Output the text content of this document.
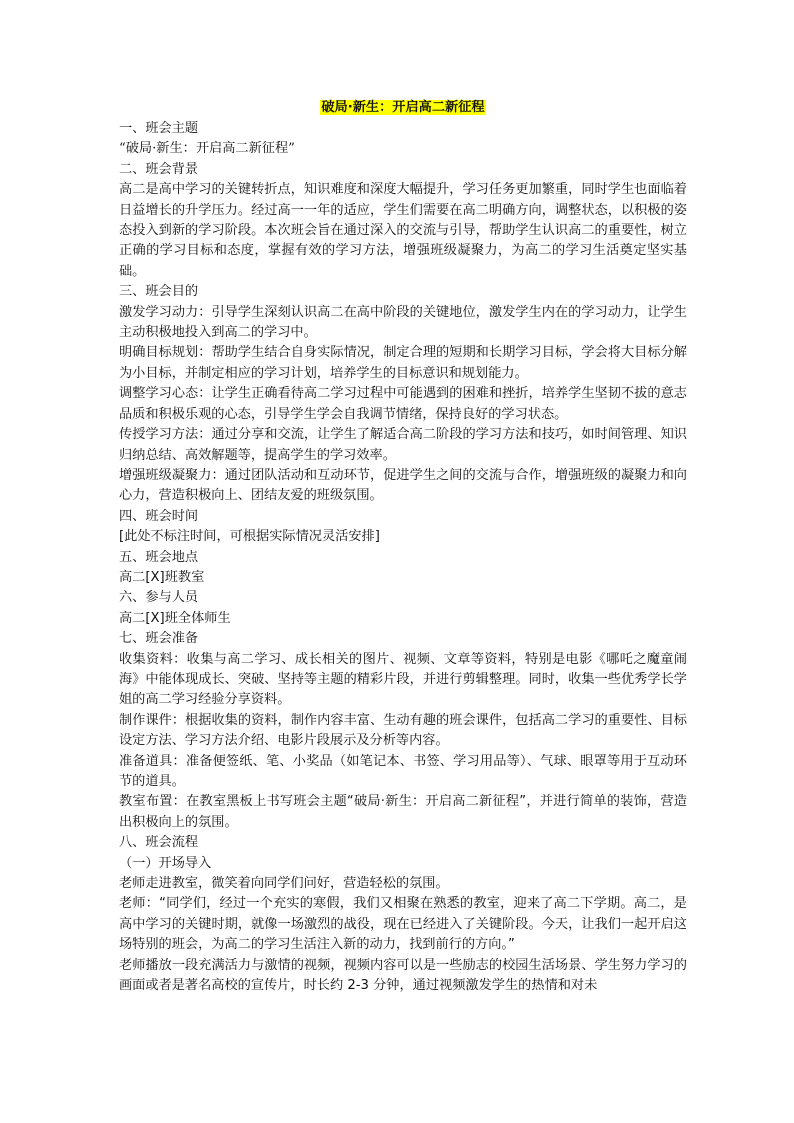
破局·新生：开启高二新征程
一、班会主题
“破局·新生：开启高二新征程”
二、班会背景
高二是高中学习的关键转折点，知识难度和深度大幅提升，学习任务更加繁重，同时学生也面临着日益增长的升学压力。经过高一一年的适应，学生们需要在高二明确方向，调整状态，以积极的姿态投入到新的学习阶段。本次班会旨在通过深入的交流与引导，帮助学生认识高二的重要性，树立正确的学习目标和态度，掌握有效的学习方法，增强班级凝聚力，为高二的学习生活奠定坚实基础。
三、班会目的
激发学习动力：引导学生深刻认识高二在高中阶段的关键地位，激发学生内在的学习动力，让学生主动积极地投入到高二的学习中。
明确目标规划：帮助学生结合自身实际情况，制定合理的短期和长期学习目标，学会将大目标分解为小目标，并制定相应的学习计划，培养学生的目标意识和规划能力。
调整学习心态：让学生正确看待高二学习过程中可能遇到的困难和挫折，培养学生坚韧不拔的意志品质和积极乐观的心态，引导学生学会自我调节情绪，保持良好的学习状态。
传授学习方法：通过分享和交流，让学生了解适合高二阶段的学习方法和技巧，如时间管理、知识归纳总结、高效解题等，提高学生的学习效率。
增强班级凝聚力：通过团队活动和互动环节，促进学生之间的交流与合作，增强班级的凝聚力和向心力，营造积极向上、团结友爱的班级氛围。
四、班会时间
[此处不标注时间，可根据实际情况灵活安排]
五、班会地点
高二[X]班教室
六、参与人员
高二[X]班全体师生
七、班会准备
收集资料：收集与高二学习、成长相关的图片、视频、文章等资料，特别是电影《哪吒之魔童闹海》中能体现成长、突破、坚持等主题的精彩片段，并进行剪辑整理。同时，收集一些优秀学长学姐的高二学习经验分享资料。
制作课件：根据收集的资料，制作内容丰富、生动有趣的班会课件，包括高二学习的重要性、目标设定方法、学习方法介绍、电影片段展示及分析等内容。
准备道具：准备便签纸、笔、小奖品（如笔记本、书签、学习用品等）、气球、眼罩等用于互动环节的道具。
教室布置：在教室黑板上书写班会主题“破局·新生：开启高二新征程”，并进行简单的装饰，营造出积极向上的氛围。
八、班会流程
（一）开场导入
老师走进教室，微笑着向同学们问好，营造轻松的氛围。
老师：“同学们，经过一个充实的寒假，我们又相聚在熟悉的教室，迎来了高二下学期。高二，是高中学习的关键时期，就像一场激烈的战役，现在已经进入了关键阶段。今天，让我们一起开启这场特别的班会，为高二的学习生活注入新的动力，找到前行的方向。”
老师播放一段充满活力与激情的视频，视频内容可以是一些励志的校园生活场景、学生努力学习的画面或者是著名高校的宣传片，时长约 2-3 分钟，通过视频激发学生的热情和对未
